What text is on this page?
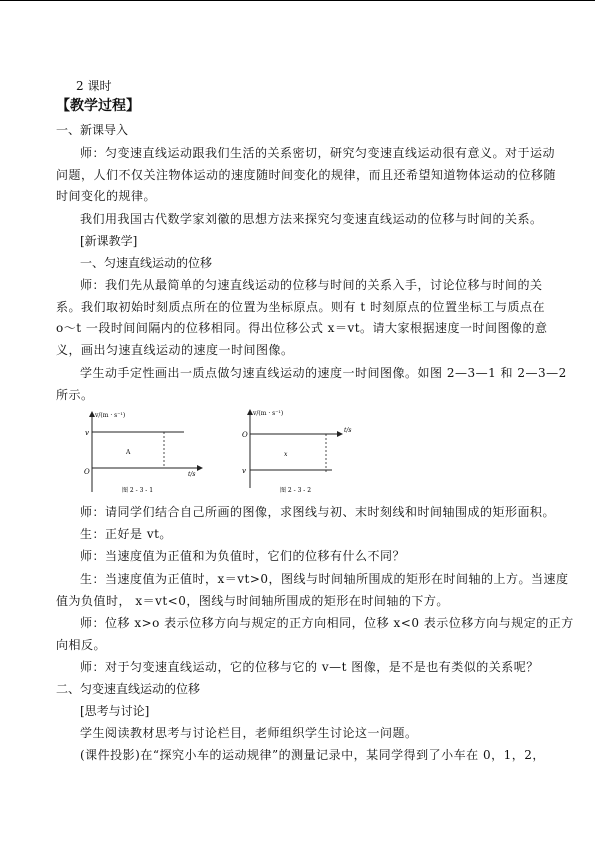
2 课时
【教学过程】
一、新课导入
师：匀变速直线运动跟我们生活的关系密切，研究匀变速直线运动很有意义。对于运动
问题，人们不仅关注物体运动的速度随时间变化的规律，而且还希望知道物体运动的位移随
时间变化的规律。
我们用我国古代数学家刘徽的思想方法来探究匀变速直线运动的位移与时间的关系。
[新课教学]
一、匀速直线运动的位移
师：我们先从最简单的匀速直线运动的位移与时间的关系入手，讨论位移与时间的关
系。我们取初始时刻质点所在的位置为坐标原点。则有 t 时刻原点的位置坐标工与质点在
o～t 一段时间间隔内的位移相同。得出位移公式 x＝vt。请大家根据速度一时间图像的意
义，画出匀速直线运动的速度一时间图像。
学生动手定性画出一质点做匀速直线运动的速度一时间图像。如图 2—3—1 和 2—3—2
所示。
v/(m · s⁻¹)
v
O
A
t/s
图 2 - 3 - 1
v/(m · s⁻¹)
O
t/s
x
v
图 2 - 3 - 2
师：请同学们结合自己所画的图像，求图线与初、末时刻线和时间轴围成的矩形面积。
生：正好是 vt。
师：当速度值为正值和为负值时，它们的位移有什么不同？
生：当速度值为正值时，x＝vt>0，图线与时间轴所围成的矩形在时间轴的上方。当速度
值为负值时， x＝vt<0，图线与时间轴所围成的矩形在时间轴的下方。
师：位移 x>o 表示位移方向与规定的正方向相同，位移 x<0 表示位移方向与规定的正方
向相反。
师：对于匀变速直线运动，它的位移与它的 v—t 图像，是不是也有类似的关系呢？
二、匀变速直线运动的位移
[思考与讨论]
学生阅读教材思考与讨论栏目，老师组织学生讨论这一问题。
(课件投影)在“探究小车的运动规律”的测量记录中，某同学得到了小车在 0，1，2，
